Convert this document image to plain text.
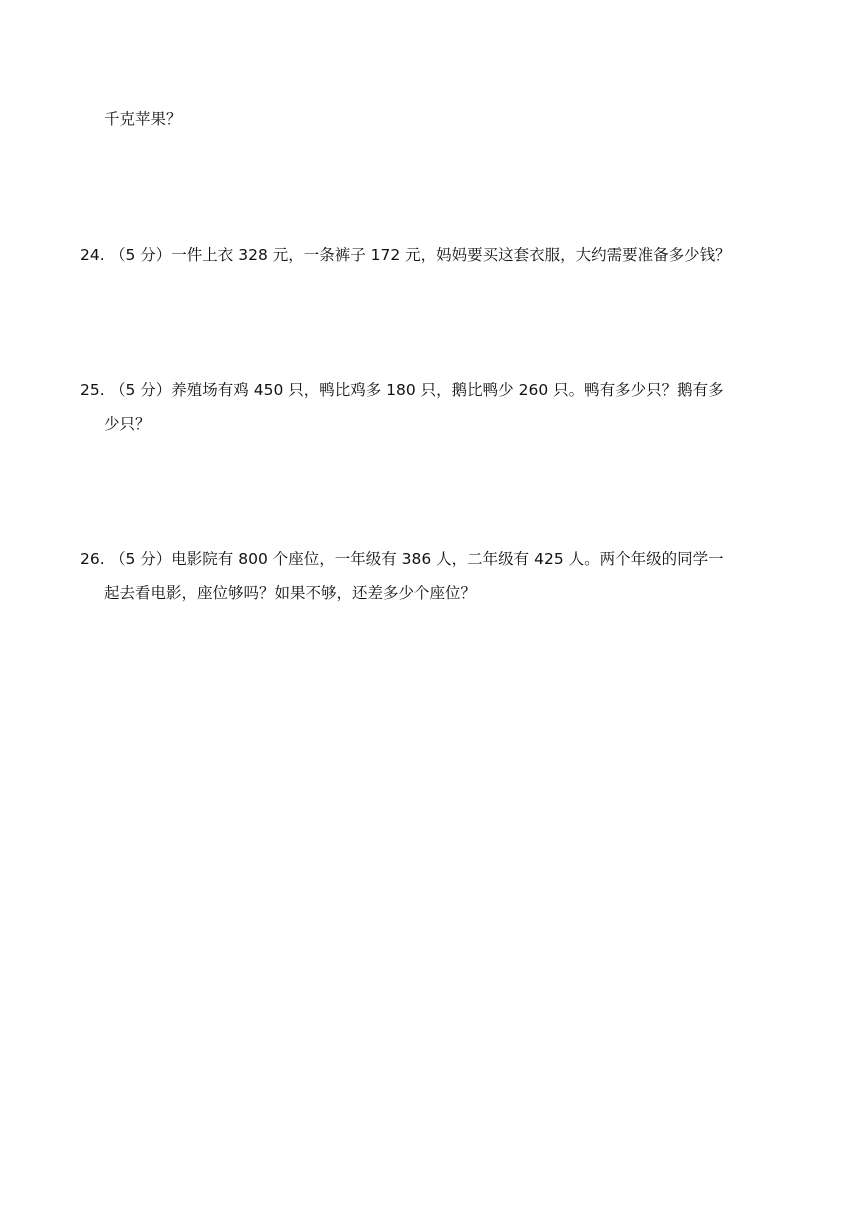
千克苹果？
24. （5 分）一件上衣 328 元，一条裤子 172 元，妈妈要买这套衣服，大约需要准备多少钱？
25. （5 分）养殖场有鸡 450 只，鸭比鸡多 180 只，鹅比鸭少 260 只。鸭有多少只？鹅有多
少只？
26. （5 分）电影院有 800 个座位，一年级有 386 人，二年级有 425 人。两个年级的同学一
起去看电影，座位够吗？如果不够，还差多少个座位？
